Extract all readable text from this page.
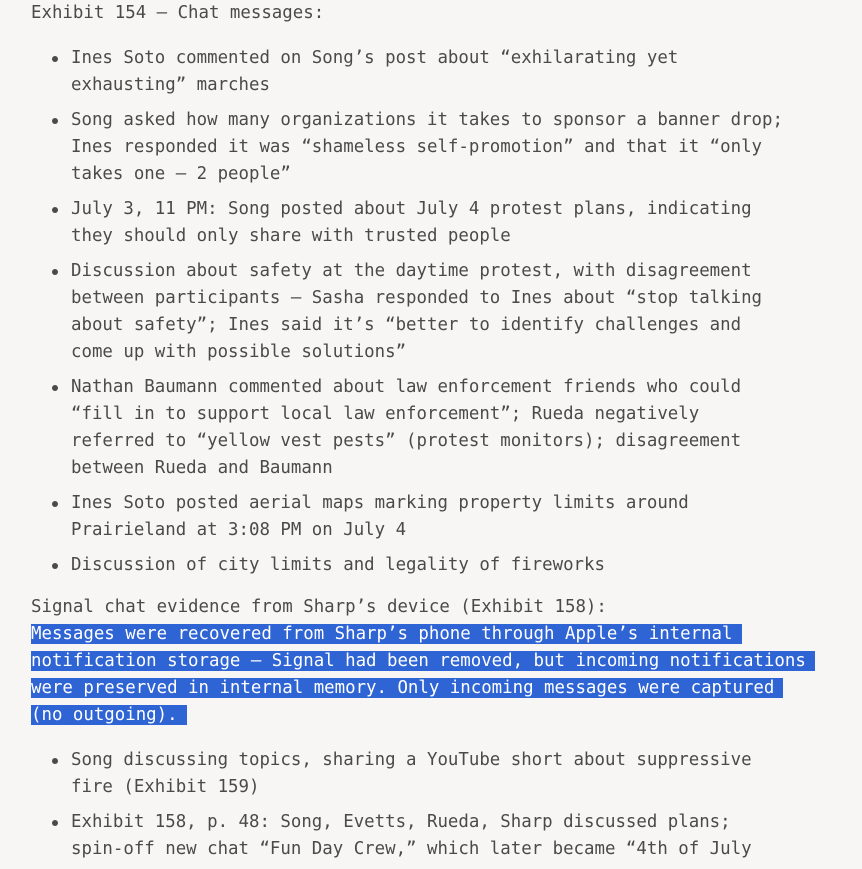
Exhibit 154 — Chat messages:
Ines Soto commented on Song’s post about “exhilarating yet exhausting” marches
Song asked how many organizations it takes to sponsor a banner drop; Ines responded it was “shameless self-promotion” and that it “only takes one — 2 people”
July 3, 11 PM: Song posted about July 4 protest plans, indicating they should only share with trusted people
Discussion about safety at the daytime protest, with disagreement between participants — Sasha responded to Ines about “stop talking about safety”; Ines said it’s “better to identify challenges and come up with possible solutions”
Nathan Baumann commented about law enforcement friends who could “fill in to support local law enforcement”; Rueda negatively referred to “yellow vest pests” (protest monitors); disagreement between Rueda and Baumann
Ines Soto posted aerial maps marking property limits around Prairieland at 3:08 PM on July 4
Discussion of city limits and legality of fireworks
Signal chat evidence from Sharp’s device (Exhibit 158):

Messages were recovered from Sharp’s phone through Apple’s internal notification storage — Signal had been removed, but incoming notifications were preserved in internal memory. Only incoming messages were captured (no outgoing).

Song discussing topics, sharing a YouTube short about suppressive fire (Exhibit 159)
Exhibit 158, p. 48: Song, Evetts, Rueda, Sharp discussed plans; spin-off new chat “Fun Day Crew,” which later became “4th of July
